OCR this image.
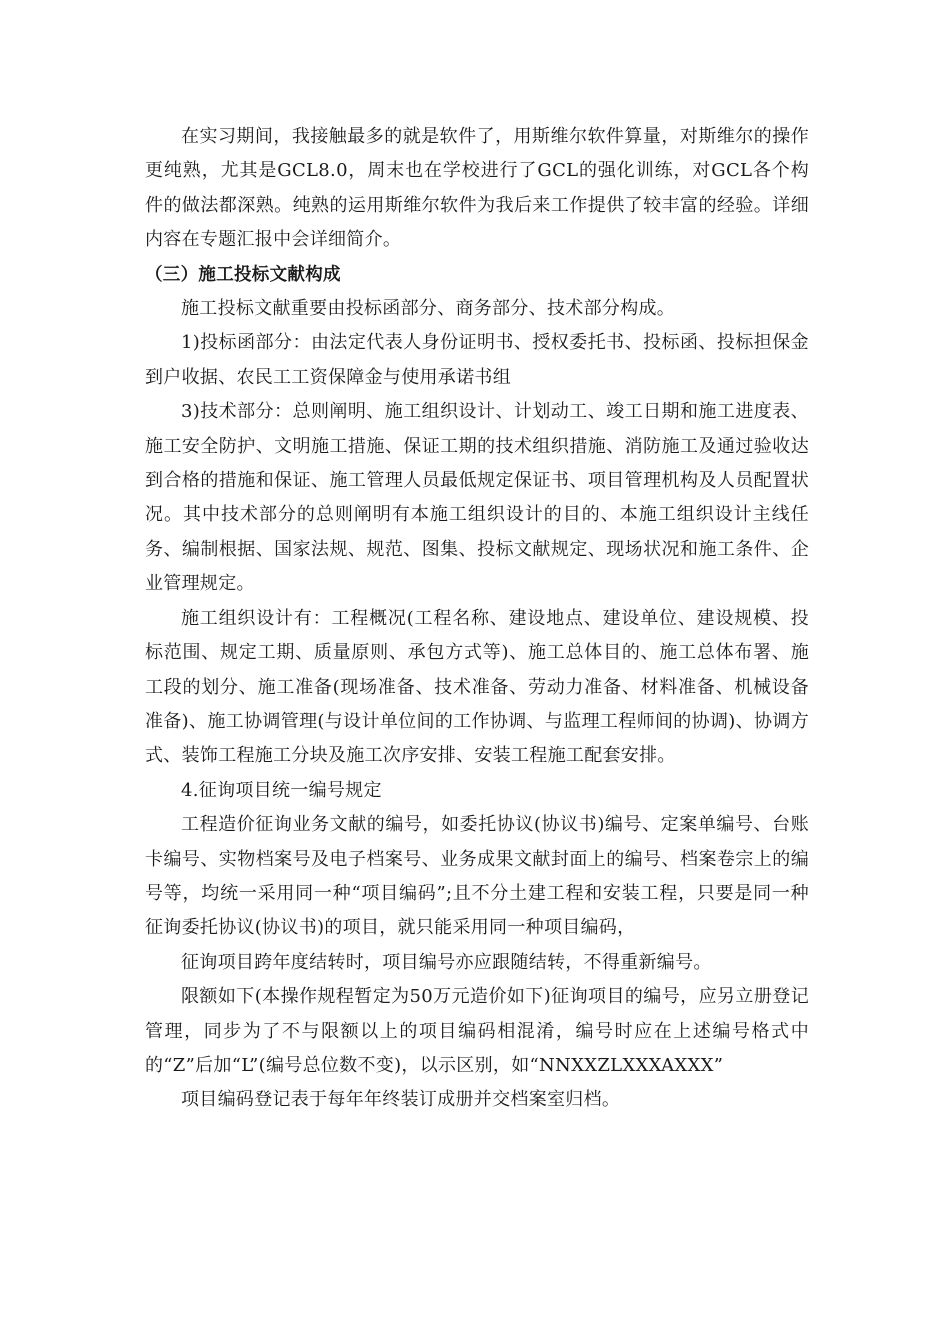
在实习期间，我接触最多的就是软件了，用斯维尔软件算量，对斯维尔的操作更纯熟，尤其是GCL8.0，周末也在学校进行了GCL的强化训练，对GCL各个构件的做法都深熟。纯熟的运用斯维尔软件为我后来工作提供了较丰富的经验。详细内容在专题汇报中会详细简介。

（三）施工投标文献构成

施工投标文献重要由投标函部分、商务部分、技术部分构成。

1)投标函部分：由法定代表人身份证明书、授权委托书、投标函、投标担保金到户收据、农民工工资保障金与使用承诺书组

3)技术部分：总则阐明、施工组织设计、计划动工、竣工日期和施工进度表、施工安全防护、文明施工措施、保证工期的技术组织措施、消防施工及通过验收达到合格的措施和保证、施工管理人员最低规定保证书、项目管理机构及人员配置状况。其中技术部分的总则阐明有本施工组织设计的目的、本施工组织设计主线任务、编制根据、国家法规、规范、图集、投标文献规定、现场状况和施工条件、企业管理规定。

施工组织设计有：工程概况(工程名称、建设地点、建设单位、建设规模、投标范围、规定工期、质量原则、承包方式等)、施工总体目的、施工总体布署、施工段的划分、施工准备(现场准备、技术准备、劳动力准备、材料准备、机械设备准备)、施工协调管理(与设计单位间的工作协调、与监理工程师间的协调)、协调方式、装饰工程施工分块及施工次序安排、安装工程施工配套安排。

4.征询项目统一编号规定

工程造价征询业务文献的编号，如委托协议(协议书)编号、定案单编号、台账卡编号、实物档案号及电子档案号、业务成果文献封面上的编号、档案卷宗上的编号等，均统一采用同一种“项目编码”;且不分土建工程和安装工程，只要是同一种征询委托协议(协议书)的项目，就只能采用同一种项目编码，

征询项目跨年度结转时，项目编号亦应跟随结转，不得重新编号。

限额如下(本操作规程暂定为50万元造价如下)征询项目的编号，应另立册登记管理，同步为了不与限额以上的项目编码相混淆，编号时应在上述编号格式中的“Z”后加“L”(编号总位数不变)，以示区别，如“NNXXZLXXXAXXX”

项目编码登记表于每年年终装订成册并交档案室归档。
